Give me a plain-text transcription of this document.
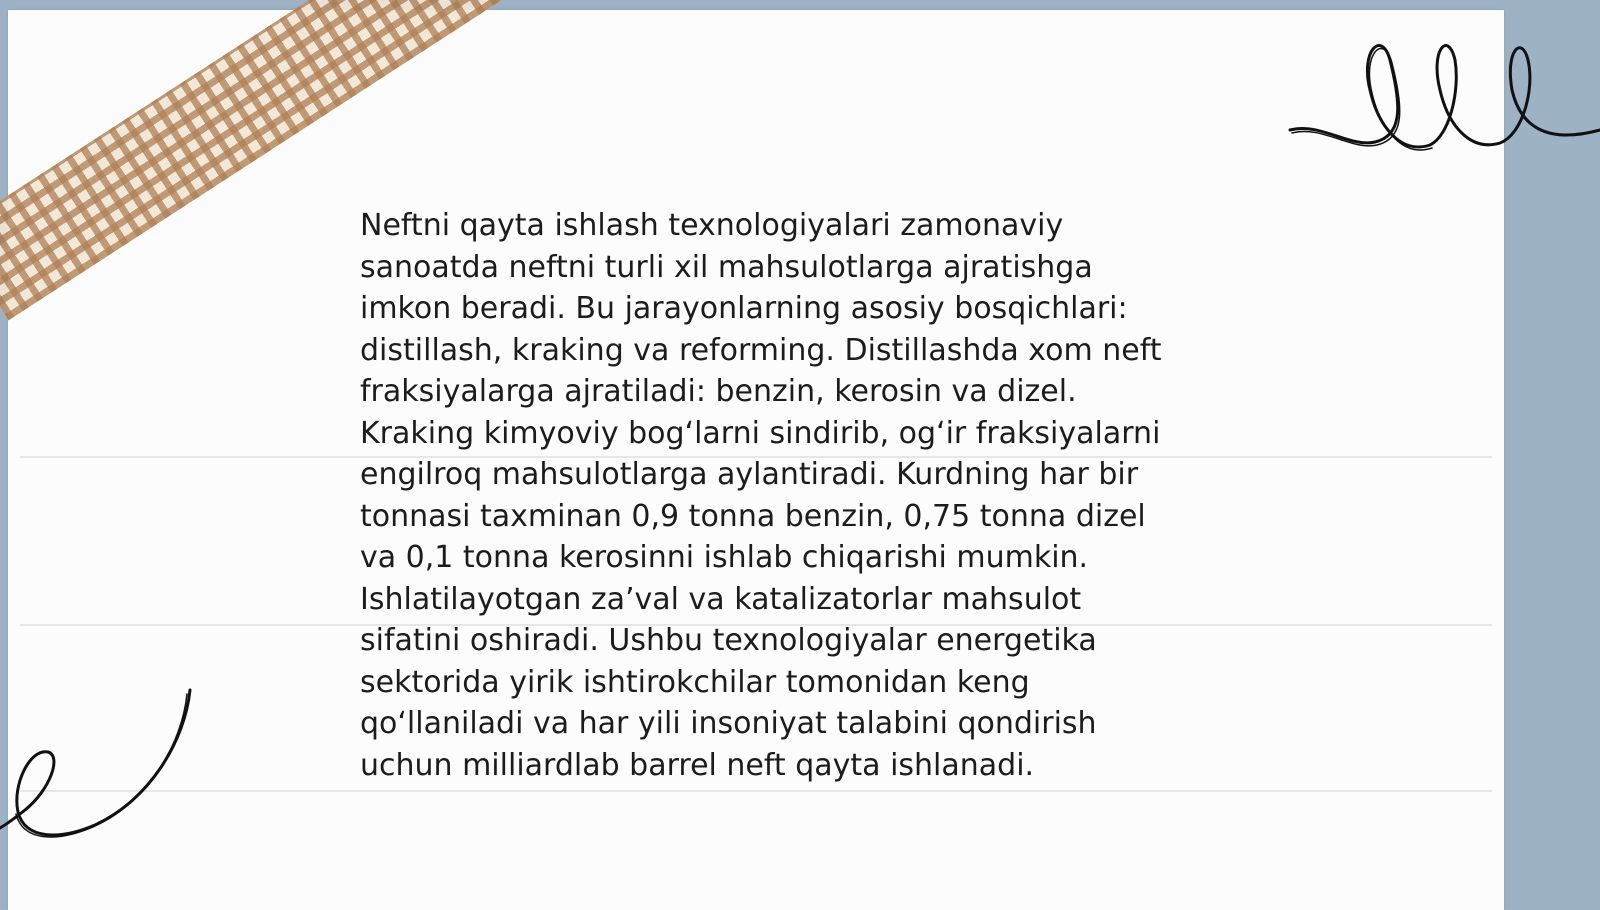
Neftni qayta ishlash texnologiyalari zamonaviy
sanoatda neftni turli xil mahsulotlarga ajratishga
imkon beradi. Bu jarayonlarning asosiy bosqichlari:
distillash, kraking va reforming. Distillashda xom neft
fraksiyalarga ajratiladi: benzin, kerosin va dizel.
Kraking kimyoviy bog‘larni sindirib, og‘ir fraksiyalarni
engilroq mahsulotlarga aylantiradi. Kurdning har bir
tonnasi taxminan 0,9 tonna benzin, 0,75 tonna dizel
va 0,1 tonna kerosinni ishlab chiqarishi mumkin.
Ishlatilayotgan za’val va katalizatorlar mahsulot
sifatini oshiradi. Ushbu texnologiyalar energetika
sektorida yirik ishtirokchilar tomonidan keng
qo‘llaniladi va har yili insoniyat talabini qondirish
uchun milliardlab barrel neft qayta ishlanadi.
